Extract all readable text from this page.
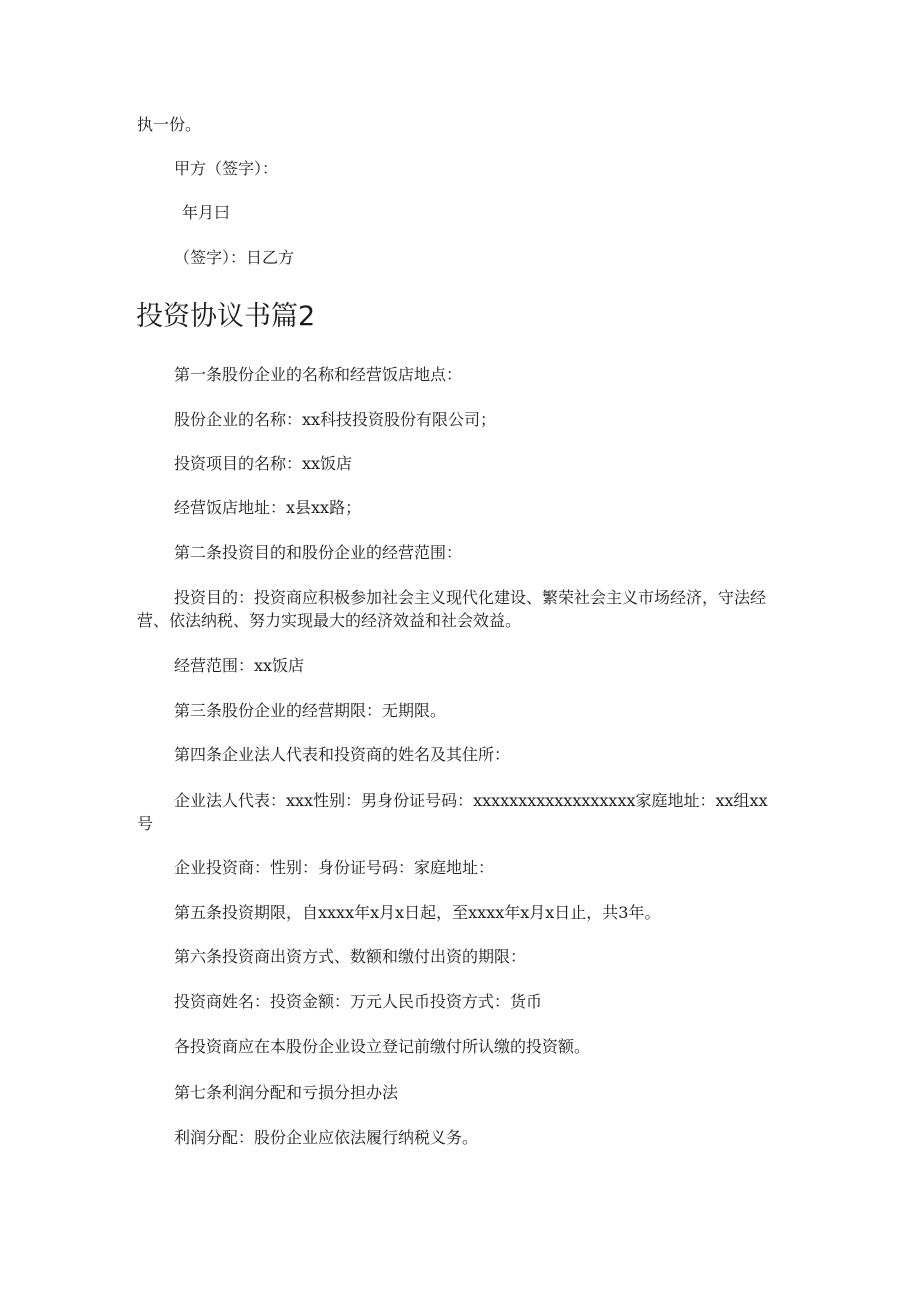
执一份。
甲方（签字）：
年月曰
（签字）：日乙方
投资协议书篇2
第一条股份企业的名称和经营饭店地点：
股份企业的名称：xx科技投资股份有限公司；
投资项目的名称：xx饭店
经营饭店地址：x县xx路；
第二条投资目的和股份企业的经营范围：
投资目的：投资商应积极参加社会主义现代化建设、繁荣社会主义市场经济，守法经营、依法纳税、努力实现最大的经济效益和社会效益。
经营范围：xx饭店
第三条股份企业的经营期限：无期限。
第四条企业法人代表和投资商的姓名及其住所：
企业法人代表：xxx性别：男身份证号码：xxxxxxxxxxxxxxxxxx家庭地址：xx组xx号
企业投资商：性别：身份证号码：家庭地址：
第五条投资期限，自xxxx年x月x日起，至xxxx年x月x日止，共3年。
第六条投资商出资方式、数额和缴付出资的期限：
投资商姓名：投资金额：万元人民币投资方式：货币
各投资商应在本股份企业设立登记前缴付所认缴的投资额。
第七条利润分配和亏损分担办法
利润分配：股份企业应依法履行纳税义务。
